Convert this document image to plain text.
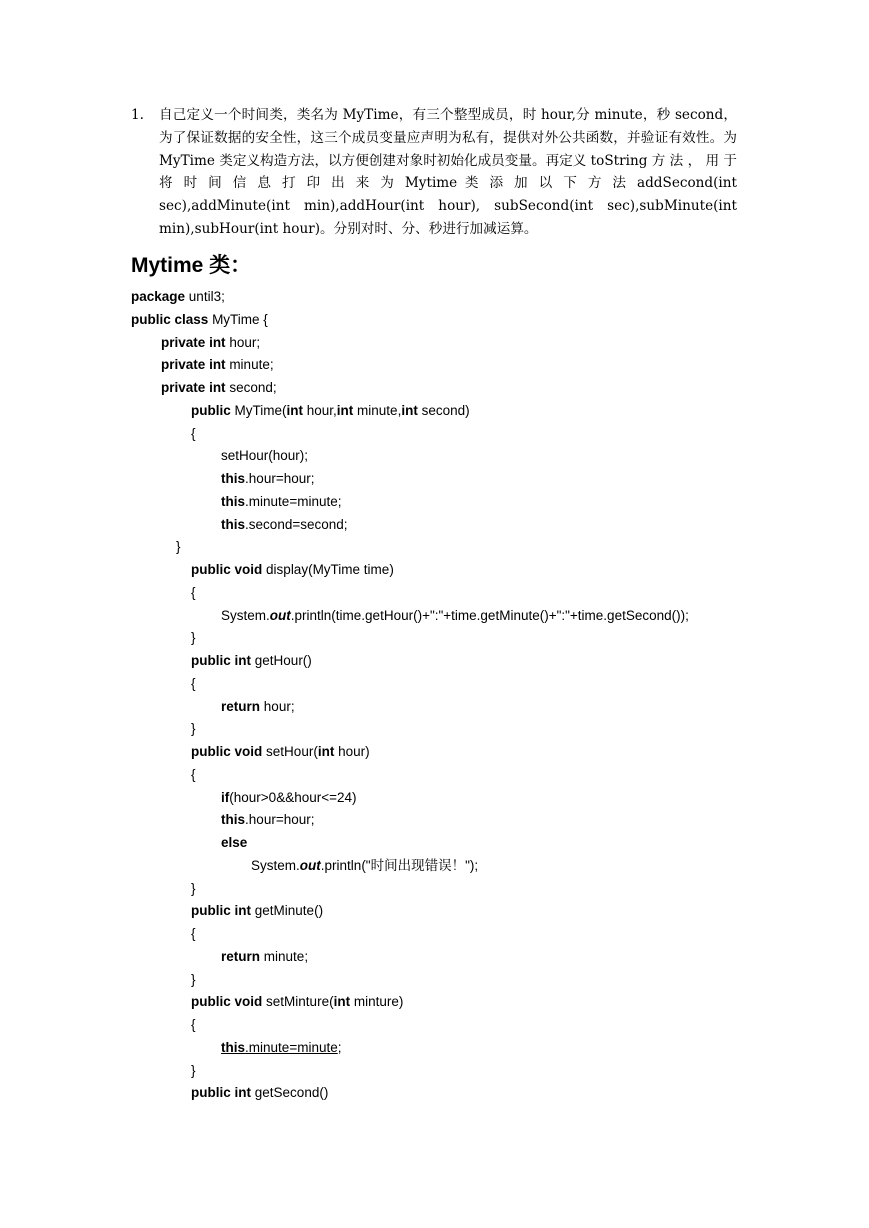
1. 自己定义一个时间类，类名为 MyTime，有三个整型成员，时 hour,分 minute，秒 second，为了保证数据的安全性，这三个成员变量应声明为私有，提供对外公共函数，并验证有效性。为 MyTime 类定义构造方法，以方便创建对象时初始化成员变量。再定义 toString 方 法 ， 用 于 将 时 间 信 息 打 印 出 来 为 Mytime 类 添 加 以 下 方 法 addSecond(int sec),addMinute(int min),addHour(int hour), subSecond(int sec),subMinute(int min),subHour(int hour)。分别对时、分、秒进行加减运算。
Mytime 类：
package until3;
public class MyTime {
private int hour;
private int minute;
private int second;
public MyTime(int hour,int minute,int second)
{
setHour(hour);
this.hour=hour;
this.minute=minute;
this.second=second;
}
public void display(MyTime time)
{
System.out.println(time.getHour()+":"+time.getMinute()+":"+time.getSecond());
}
public int getHour()
{
return hour;
}
public void setHour(int hour)
{
if(hour>0&&hour<=24)
this.hour=hour;
else
System.out.println("时间出现错误！");
}
public int getMinute()
{
return minute;
}
public void setMinture(int minture)
{
this.minute=minute;
}
public int getSecond()
